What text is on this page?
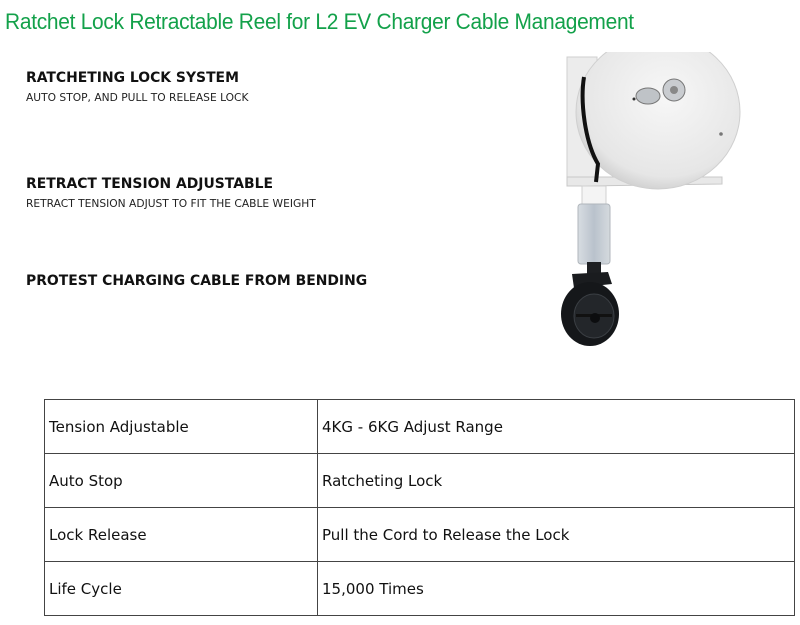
Ratchet Lock Retractable Reel for L2 EV Charger Cable Management
RATCHETING LOCK SYSTEM

AUTO STOP, AND PULL TO RELEASE LOCK

RETRACT TENSION ADJUSTABLE

RETRACT TENSION ADJUST TO FIT THE CABLE WEIGHT

PROTEST CHARGING CABLE FROM BENDING
Tension Adjustable	4KG - 6KG Adjust Range
Auto Stop	Ratcheting Lock
Lock Release	Pull the Cord to Release the Lock
Life Cycle	15,000 Times
